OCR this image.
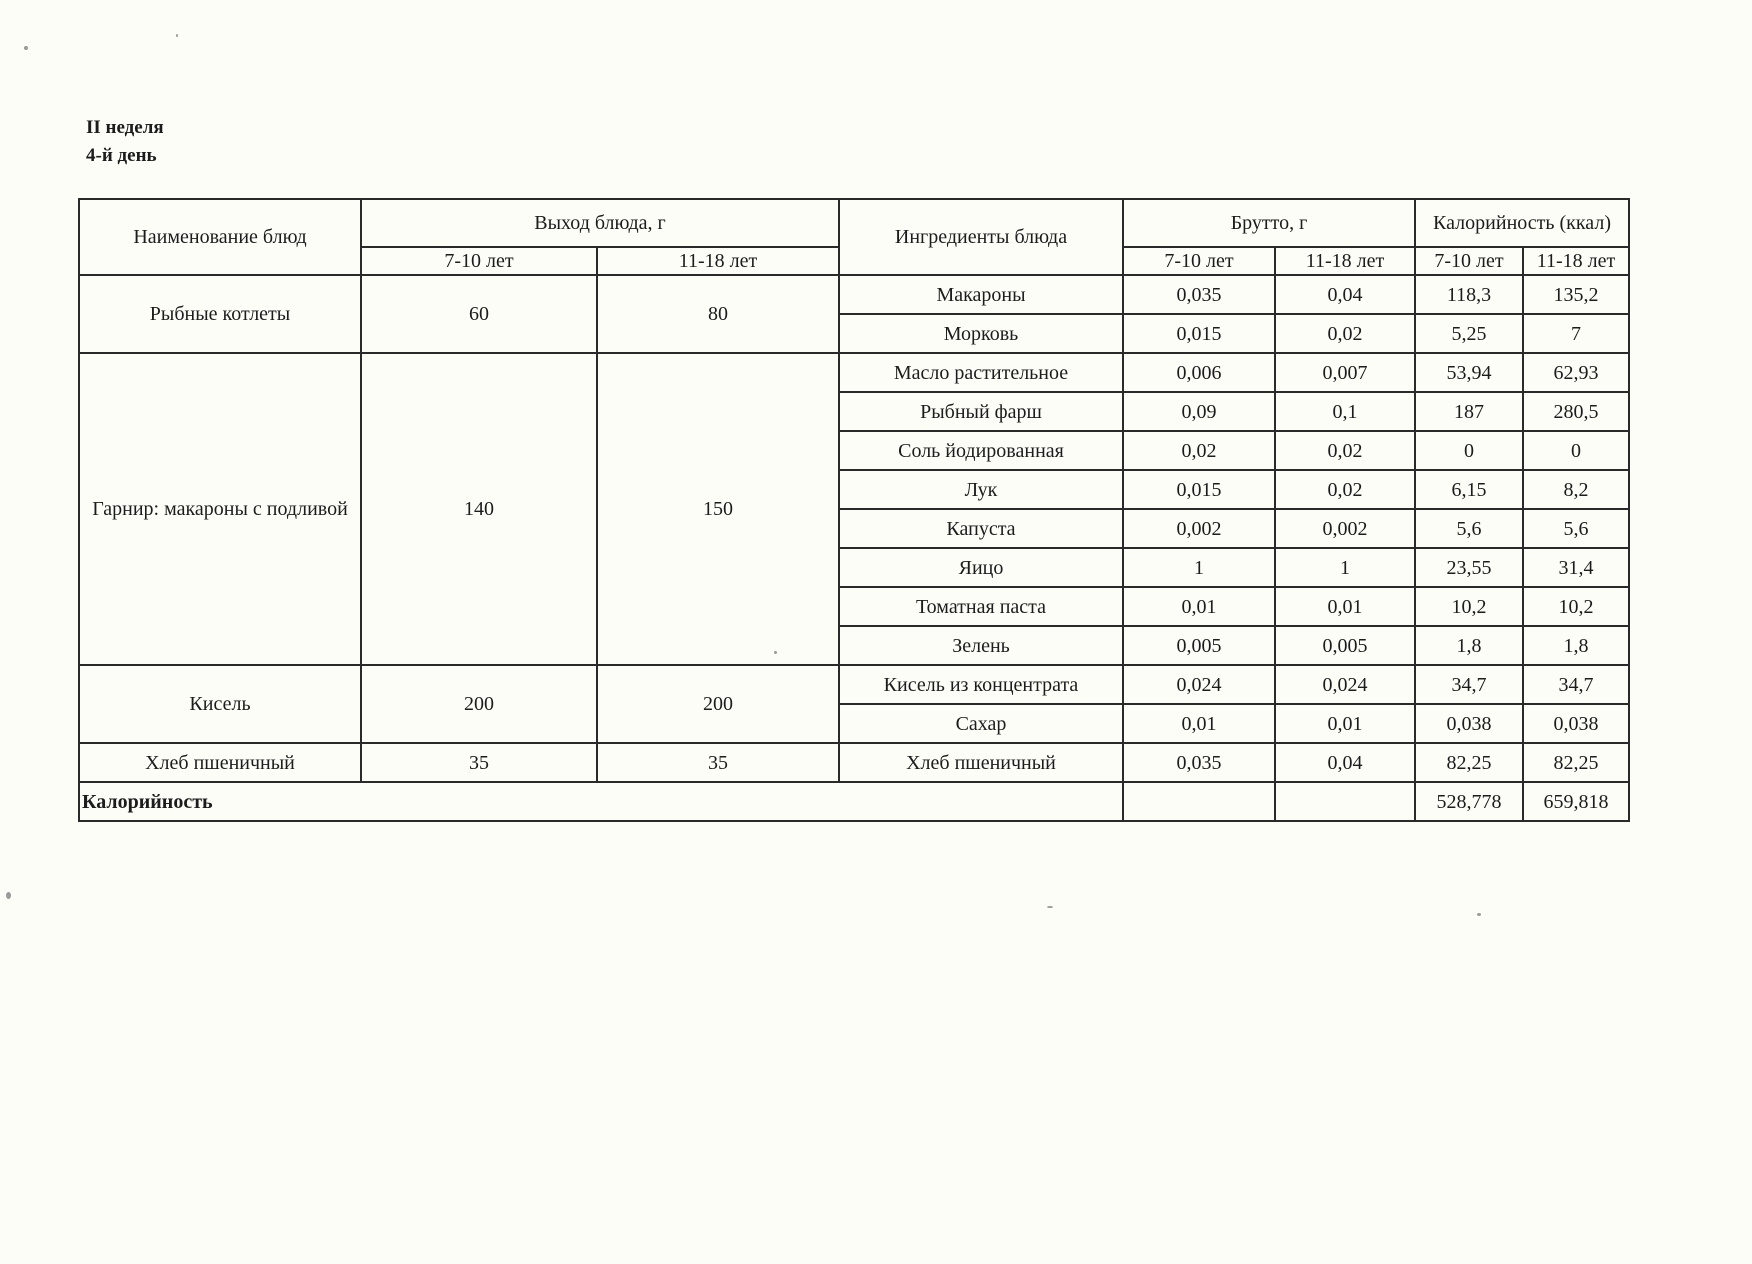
II неделя
4-й день
Наименование блюд	Выход блюда, г		Ингредиенты блюда	Брутто, г		Калорийность (ккал)	
	7-10 лет	11-18 лет		7-10 лет	11-18 лет	7-10 лет	11-18 лет
Рыбные котлеты	60	80	Макароны	0,035	0,04	118,3	135,2
			Морковь	0,015	0,02	5,25	7
Гарнир: макароны с подливой	140	150	Масло растительное	0,006	0,007	53,94	62,93
			Рыбный фарш	0,09	0,1	187	280,5
			Соль йодированная	0,02	0,02	0	0
			Лук	0,015	0,02	6,15	8,2
			Капуста	0,002	0,002	5,6	5,6
			Яицо	1	1	23,55	31,4
			Томатная паста	0,01	0,01	10,2	10,2
			Зелень	0,005	0,005	1,8	1,8
Кисель	200	200	Кисель из концентрата	0,024	0,024	34,7	34,7
			Сахар	0,01	0,01	0,038	0,038
Хлеб пшеничный	35	35	Хлеб пшеничный	0,035	0,04	82,25	82,25
Калорийность						528,778	659,818
